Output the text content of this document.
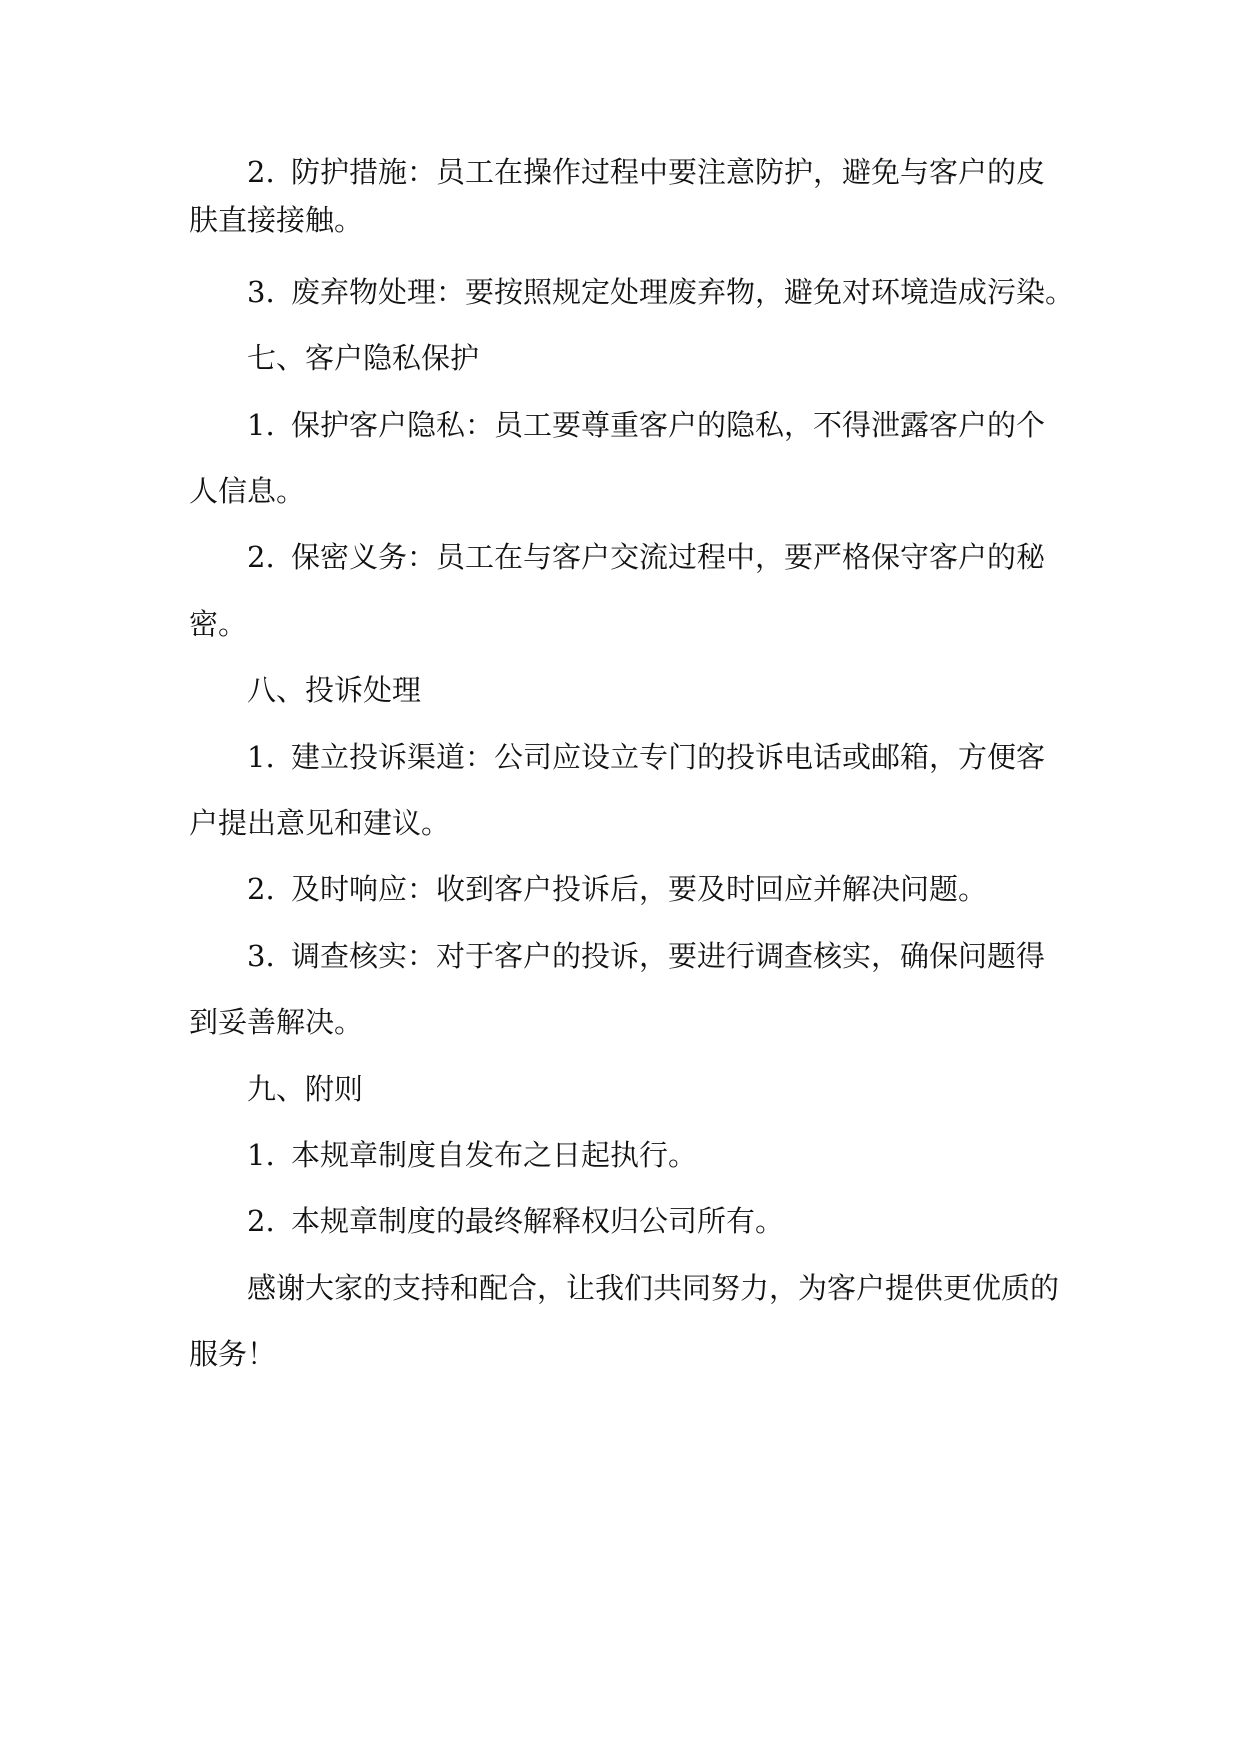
2. 防护措施：员工在操作过程中要注意防护，避免与客户的皮
肤直接接触。
3. 废弃物处理：要按照规定处理废弃物，避免对环境造成污染。
七、客户隐私保护
1. 保护客户隐私：员工要尊重客户的隐私，不得泄露客户的个
人信息。
2. 保密义务：员工在与客户交流过程中，要严格保守客户的秘
密。
八、投诉处理
1. 建立投诉渠道：公司应设立专门的投诉电话或邮箱，方便客
户提出意见和建议。
2. 及时响应：收到客户投诉后，要及时回应并解决问题。
3. 调查核实：对于客户的投诉，要进行调查核实，确保问题得
到妥善解决。
九、附则
1. 本规章制度自发布之日起执行。
2. 本规章制度的最终解释权归公司所有。
感谢大家的支持和配合，让我们共同努力，为客户提供更优质的
服务！
